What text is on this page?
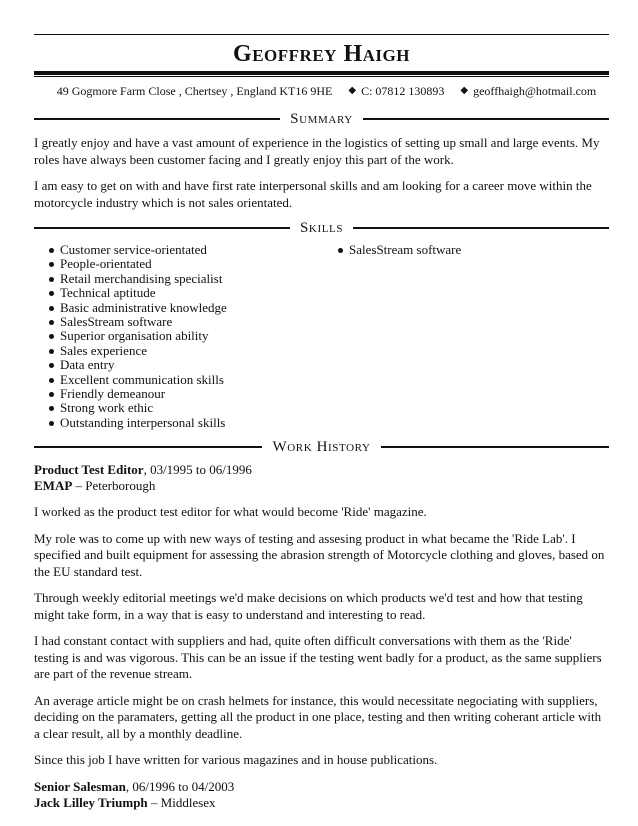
Geoffrey Haigh
49 Gogmore Farm Close , Chertsey , England KT16 9HE ◆ C: 07812 130893 ◆ geoffhaigh@hotmail.com
Summary

I greatly enjoy and have a vast amount of experience in the logistics of setting up small and large events. My roles have always been customer facing and I greatly enjoy this part of the work.

I am easy to get on with and have first rate interpersonal skills and am looking for a career move within the motorcycle industry which is not sales orientated.

Skills
Customer service-orientated
People-orientated
Retail merchandising specialist
Technical aptitude
Basic administrative knowledge
SalesStream software
Superior organisation ability
Sales experience
Data entry
Excellent communication skills
Friendly demeanour
Strong work ethic
Outstanding interpersonal skills
SalesStream software
Work History
Product Test Editor, 03/1995 to 06/1996
EMAP – Peterborough

I worked as the product test editor for what would become 'Ride' magazine.

My role was to come up with new ways of testing and assesing product in what became the 'Ride Lab'. I specified and built equipment for assessing the abrasion strength of Motorcycle clothing and gloves, based on the EU standard test.

Through weekly editorial meetings we'd make decisions on which products we'd test and how that testing might take form, in a way that is easy to understand and interesting to read.

I had constant contact with suppliers and had, quite often difficult conversations with them as the 'Ride' testing is and was vigorous. This can be an issue if the testing went badly for a product, as the same suppliers are part of the revenue stream.

An average article might be on crash helmets for instance, this would necessitate negociating with suppliers, deciding on the paramaters, getting all the product in one place, testing and then writing coherant article with a clear result, all by a monthly deadline.

Since this job I have written for various magazines and in house publications.

Senior Salesman, 06/1996 to 04/2003
Jack Lilley Triumph – Middlesex
